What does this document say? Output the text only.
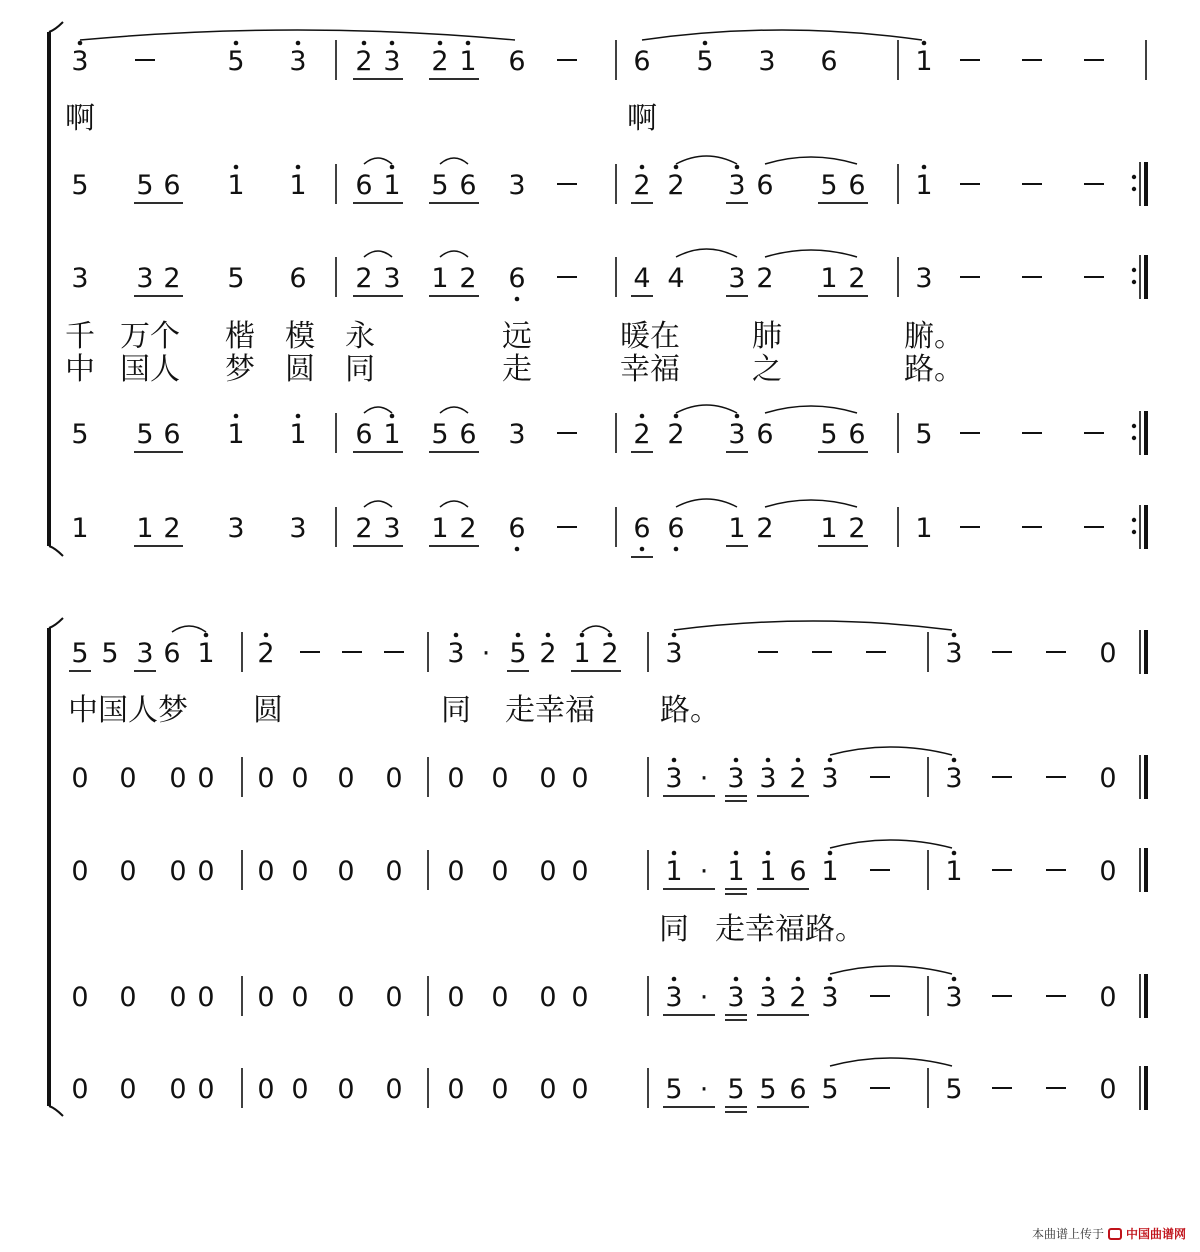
3	5 3 2 3 2 1 6	6 5 3 6	1
啊	啊
5 5 6 1 1 6 1 5 6 3	2 2 3 6 5 6 1
3 3 2 5 6 2 3 1 2 6	4 4 3 2 1 2 3
千 万个 楷 模 永	远	暖在 肺	腑。
中 国人 梦 圆 同	走	幸福 之	路。
5 5 6 1 1 6 1 5 6 3	2 2 3 6 5 6 5
1 1 2 3 3 2 3 1 2 6	6 6 1 2 1 2 1
5 5 3 6 1 2	3 · 5 2 1 2 3	3	0
中国人梦 圆	同 走幸福 路。
0 0 0 0 0 0 0 0 0 0 0 0	3 · 3 3 2 3	3	0
0 0 0 0 0 0 0 0 0 0 0 0	1 · 1 1 6 1	1	0
同 走幸福路。
0 0 0 0 0 0 0 0 0 0 0 0	3 · 3 3 2 3	3	0
0 0 0 0 0 0 0 0 0 0 0 0	5 · 5 5 6 5	5	0
本曲谱上传于 中国曲谱网
